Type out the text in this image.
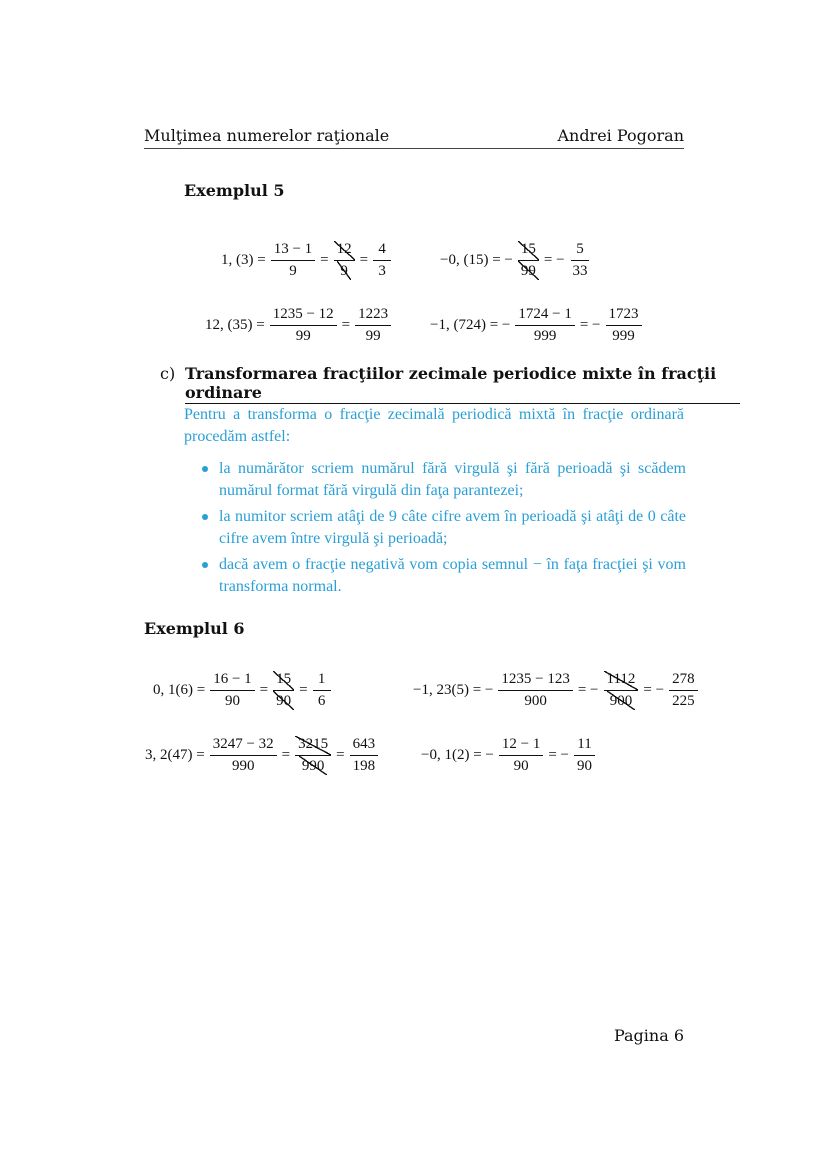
Mulţimea numerelor raţionale	Andrei Pogoran
Exemplul 5
1, $(3) = \frac{13 - 1}{9} = \frac{12}{9} = \frac{4}{3}$	−0, (15) = − $\frac{15}{99}$ = − $\frac{5}{33}$
12, $(35) = \frac{1235 - 12}{99} = \frac{1223}{99}$	−1, (724) = − $\frac{1724 - 1}{999}$ = − $\frac{1723}{999}$
c) Transformarea fracţiilor zecimale periodice mixte în fracţii ordinare
Pentru a transforma o fracţie zecimală periodică mixtă în fracţie ordinară procedăm astfel:
la numărător scriem numărul fără virgulă şi fără perioadă şi scădem numărul format fără virgulă din faţa parantezei;
la numitor scriem atâţi de 9 câte cifre avem în perioadă şi atâţi de 0 câte cifre avem între virgulă şi perioadă;
dacă avem o fracţie negativă vom copia semnul − în faţa fracţiei şi vom transforma normal.
Exemplul 6
0, $1(6) = \frac{16 - 1}{90} = \frac{15}{90} = \frac{1}{6}$	−1, 23(5) = − $\frac{1235 - 123}{900}$ = − $\frac{1112}{900}$ = − $\frac{278}{225}$
3, $2(47) = \frac{3247 - 32}{990} = \frac{3215}{990} = \frac{643}{198}$	−0, 1(2) = − $\frac{12 - 1}{90}$ = − $\frac{11}{90}$
Pagina 6
